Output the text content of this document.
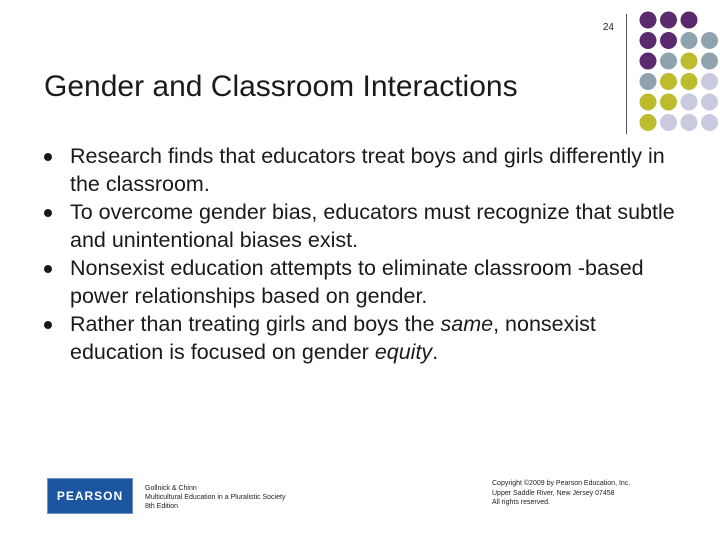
24
Gender and Classroom Interactions
Research finds that educators treat boys and girls differently in the classroom.
To overcome gender bias, educators must recognize that subtle and unintentional biases exist.
Nonsexist education attempts to eliminate classroom -based power relationships based on gender.
Rather than treating girls and boys the same, nonsexist education is focused on gender equity.
PEARSON
Gollnick & Chinn
Multicultural Education in a Pluralistic Society
8th Edition
Copyright ©2009 by Pearson Education, Inc.
Upper Saddle River, New Jersey 07458
All rights reserved.
